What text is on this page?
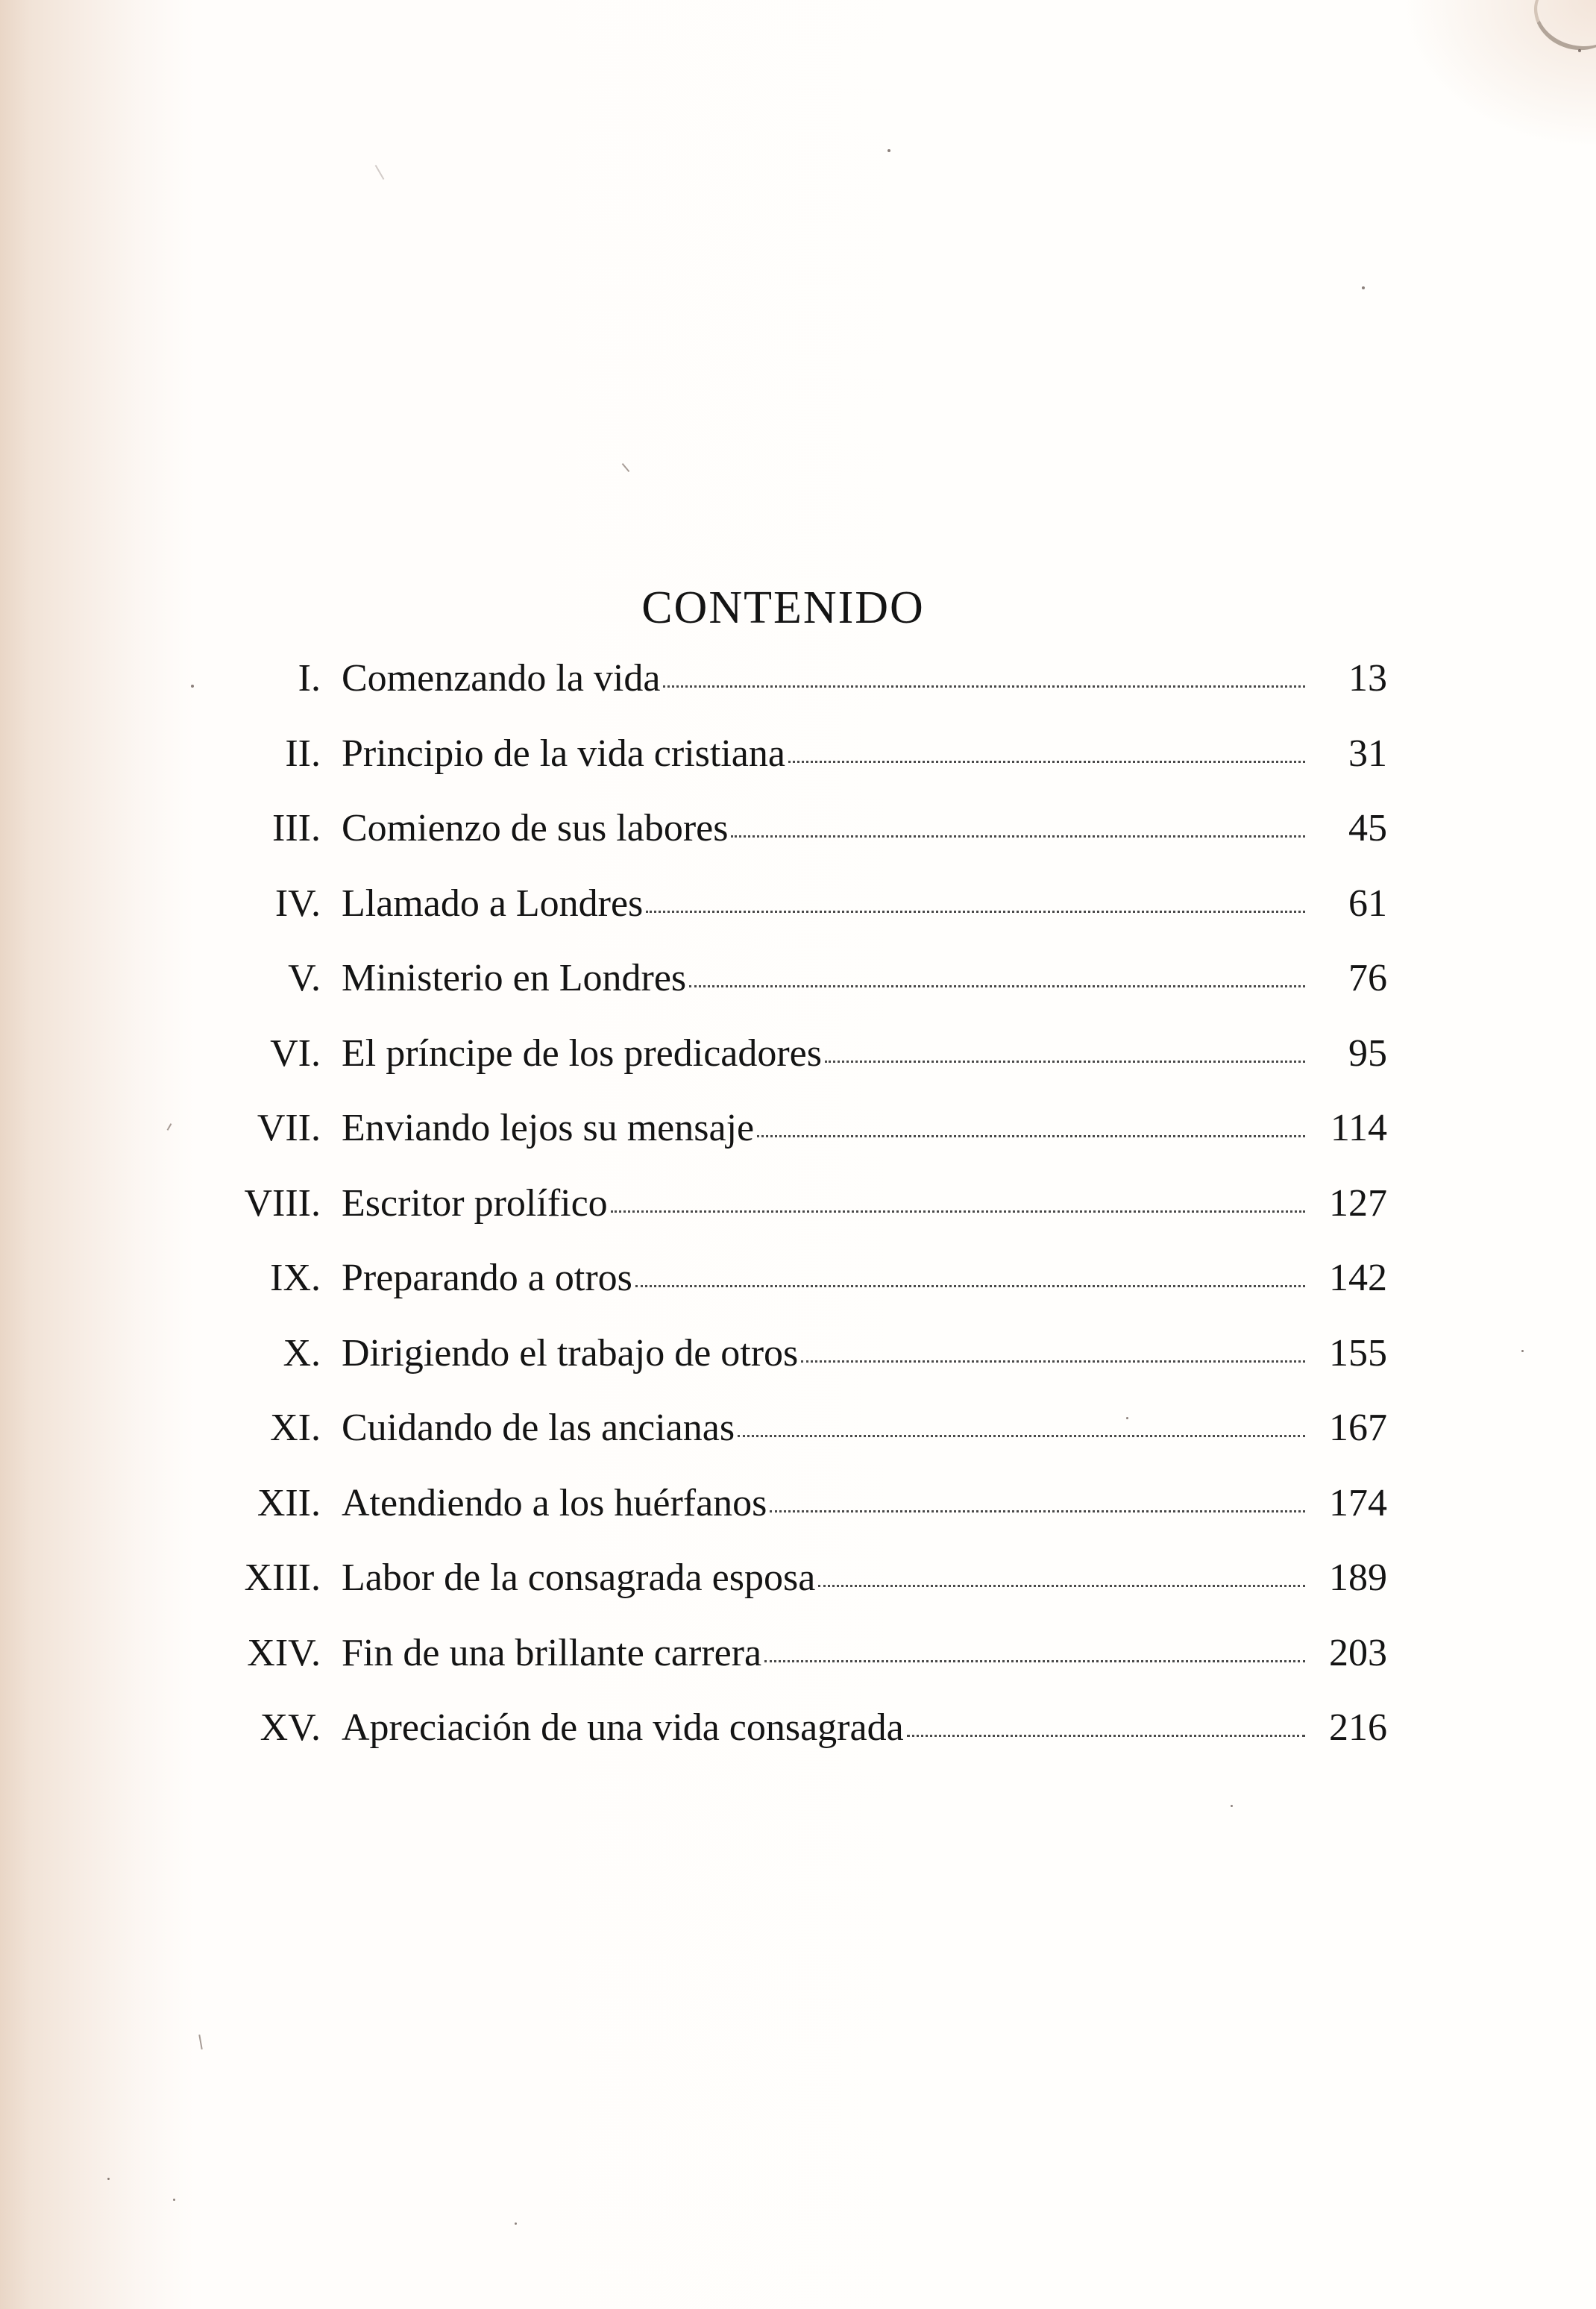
CONTENIDO
I. Comenzando la vida	13
II. Principio de la vida cristiana	31
III. Comienzo de sus labores	45
IV. Llamado a Londres	61
V. Ministerio en Londres	76
VI. El príncipe de los predicadores	95
VII. Enviando lejos su mensaje	114
VIII. Escritor prolífico	127
IX. Preparando a otros	142
X. Dirigiendo el trabajo de otros	155
XI. Cuidando de las ancianas	167
XII. Atendiendo a los huérfanos	174
XIII. Labor de la consagrada esposa	189
XIV. Fin de una brillante carrera	203
XV. Apreciación de una vida consagrada	216
